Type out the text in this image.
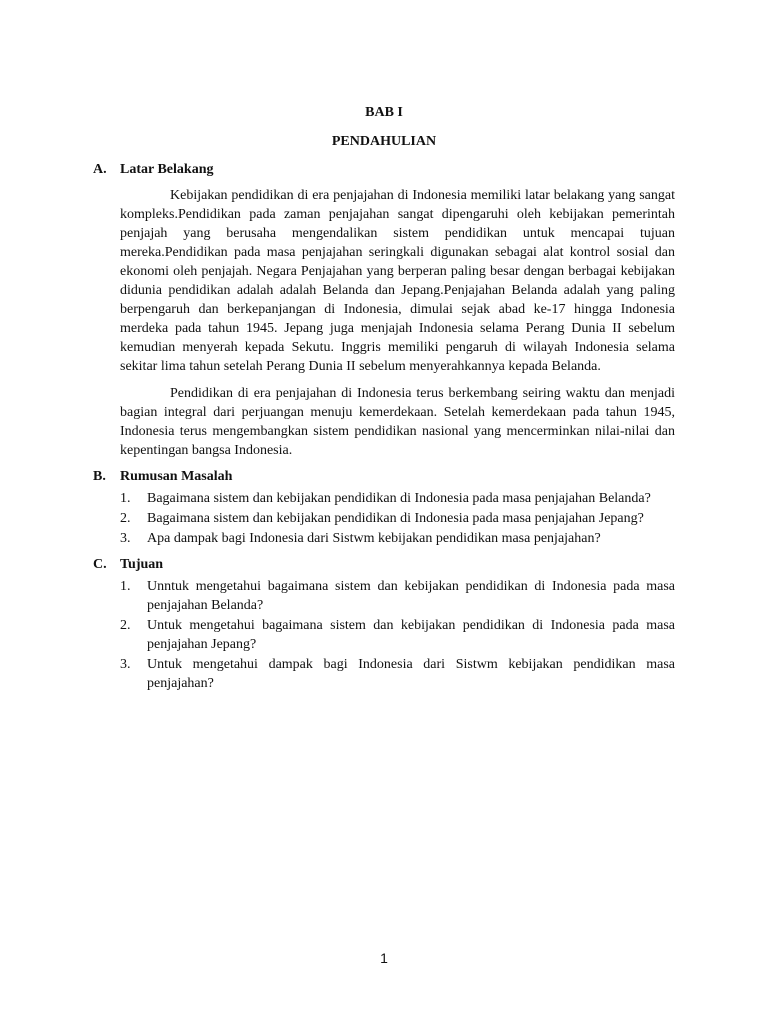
BAB I
PENDAHULIAN
A. Latar Belakang

Kebijakan pendidikan di era penjajahan di Indonesia memiliki latar belakang yang sangat kompleks.Pendidikan pada zaman penjajahan sangat dipengaruhi oleh kebijakan pemerintah penjajah yang berusaha mengendalikan sistem pendidikan untuk mencapai tujuan mereka.Pendidikan pada masa penjajahan seringkali digunakan sebagai alat kontrol sosial dan ekonomi oleh penjajah. Negara Penjajahan yang berperan paling besar dengan berbagai kebijakan didunia pendidikan adalah adalah Belanda dan Jepang.Penjajahan Belanda adalah yang paling berpengaruh dan berkepanjangan di Indonesia, dimulai sejak abad ke-17 hingga Indonesia merdeka pada tahun 1945. Jepang juga menjajah Indonesia selama Perang Dunia II sebelum kemudian menyerah kepada Sekutu. Inggris memiliki pengaruh di wilayah Indonesia selama sekitar lima tahun setelah Perang Dunia II sebelum menyerahkannya kepada Belanda.

Pendidikan di era penjajahan di Indonesia terus berkembang seiring waktu dan menjadi bagian integral dari perjuangan menuju kemerdekaan. Setelah kemerdekaan pada tahun 1945, Indonesia terus mengembangkan sistem pendidikan nasional yang mencerminkan nilai-nilai dan kepentingan bangsa Indonesia.

B.	Rumusan Masalah
1.	Bagaimana sistem dan kebijakan pendidikan di Indonesia pada masa penjajahan Belanda?
2.	Bagaimana sistem dan kebijakan pendidikan di Indonesia pada masa penjajahan Jepang?
3.	Apa dampak bagi Indonesia dari Sistwm kebijakan pendidikan masa penjajahan?
C. Tujuan
1.	Unntuk mengetahui bagaimana sistem dan kebijakan pendidikan di Indonesia pada masa penjajahan Belanda?
2.	Untuk mengetahui bagaimana sistem dan kebijakan pendidikan di Indonesia pada masa penjajahan Jepang?
3.	Untuk mengetahui dampak bagi Indonesia dari Sistwm kebijakan pendidikan masa penjajahan?
1
